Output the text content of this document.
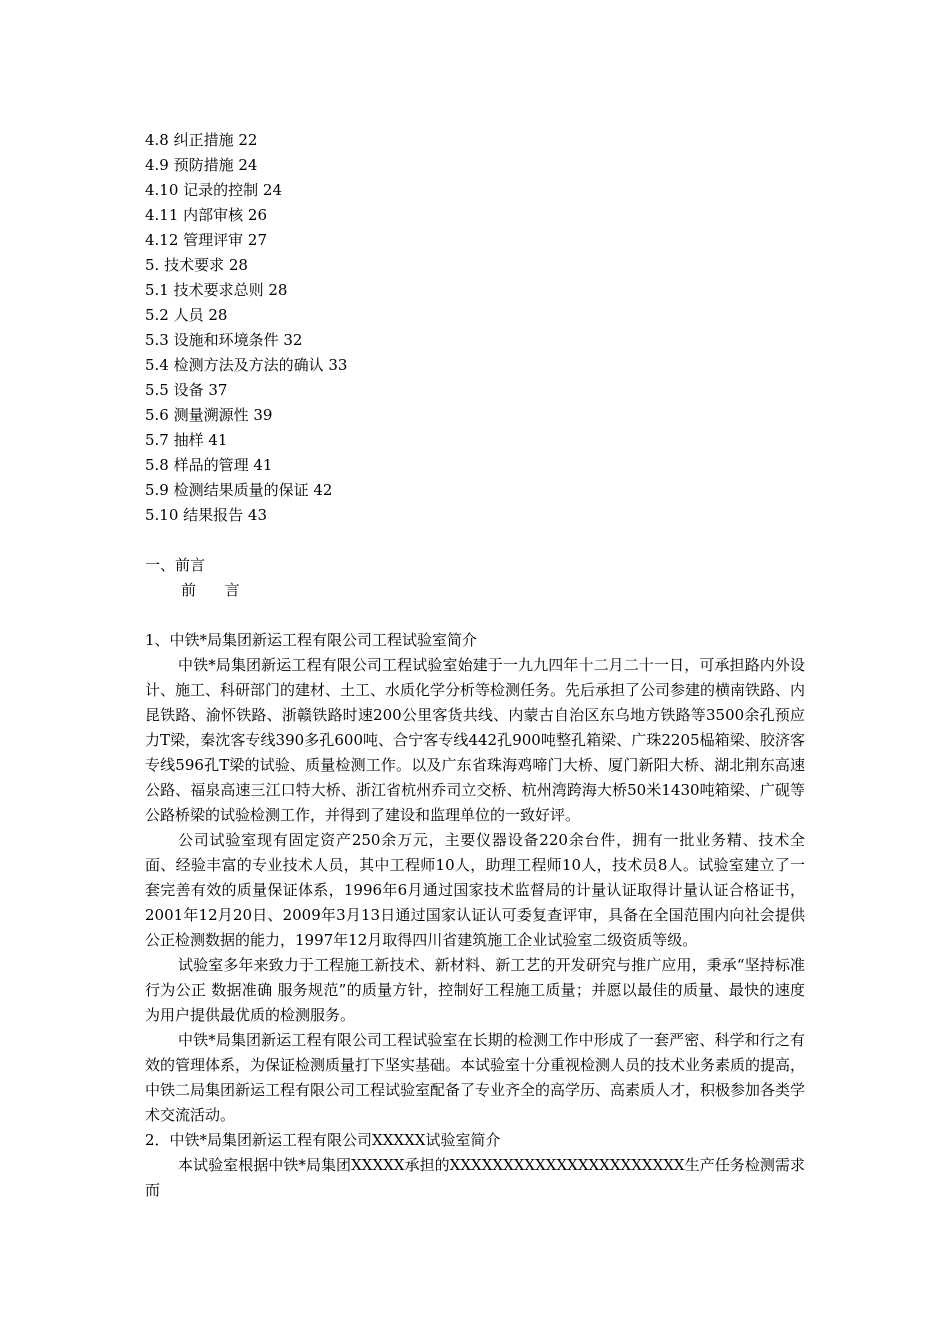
4.8 纠正措施 22
4.9 预防措施 24
4.10 记录的控制 24
4.11 内部审核 26
4.12 管理评审 27
5. 技术要求 28
5.1 技术要求总则 28
5.2 人员 28
5.3 设施和环境条件 32
5.4 检测方法及方法的确认 33
5.5 设备 37
5.6 测量溯源性 39
5.7 抽样 41
5.8 样品的管理 41
5.9 检测结果质量的保证 42
5.10 结果报告 43
一、前言
前      言
1、中铁*局集团新运工程有限公司工程试验室简介

中铁*局集团新运工程有限公司工程试验室始建于一九九四年十二月二十一日，可承担路内外设计、施工、科研部门的建材、土工、水质化学分析等检测任务。先后承担了公司参建的横南铁路、内昆铁路、渝怀铁路、浙赣铁路时速200公里客货共线、内蒙古自治区东乌地方铁路等3500余孔预应力T梁，秦沈客专线390多孔600吨、合宁客专线442孔900吨整孔箱梁、广珠2205榀箱梁、胶济客专线596孔T梁的试验、质量检测工作。以及广东省珠海鸡啼门大桥、厦门新阳大桥、湖北荆东高速公路、福泉高速三江口特大桥、浙江省杭州乔司立交桥、杭州湾跨海大桥50米1430吨箱梁、广砚等公路桥梁的试验检测工作，并得到了建设和监理单位的一致好评。

公司试验室现有固定资产250余万元，主要仪器设备220余台件，拥有一批业务精、技术全面、经验丰富的专业技术人员，其中工程师10人，助理工程师10人，技术员8人。试验室建立了一套完善有效的质量保证体系，1996年6月通过国家技术监督局的计量认证取得计量认证合格证书，2001年12月20日、2009年3月13日通过国家认证认可委复查评审，具备在全国范围内向社会提供公正检测数据的能力，1997年12月取得四川省建筑施工企业试验室二级资质等级。

试验室多年来致力于工程施工新技术、新材料、新工艺的开发研究与推广应用，秉承“坚持标准 行为公正 数据准确 服务规范”的质量方针，控制好工程施工质量；并愿以最佳的质量、最快的速度为用户提供最优质的检测服务。

中铁*局集团新运工程有限公司工程试验室在长期的检测工作中形成了一套严密、科学和行之有效的管理体系，为保证检测质量打下坚实基础。本试验室十分重视检测人员的技术业务素质的提高，中铁二局集团新运工程有限公司工程试验室配备了专业齐全的高学历、高素质人才，积极参加各类学术交流活动。

2．中铁*局集团新运工程有限公司XXXXX试验室简介

本试验室根据中铁*局集团XXXXX承担的XXXXXXXXXXXXXXXXXXXXXX生产任务检测需求而
